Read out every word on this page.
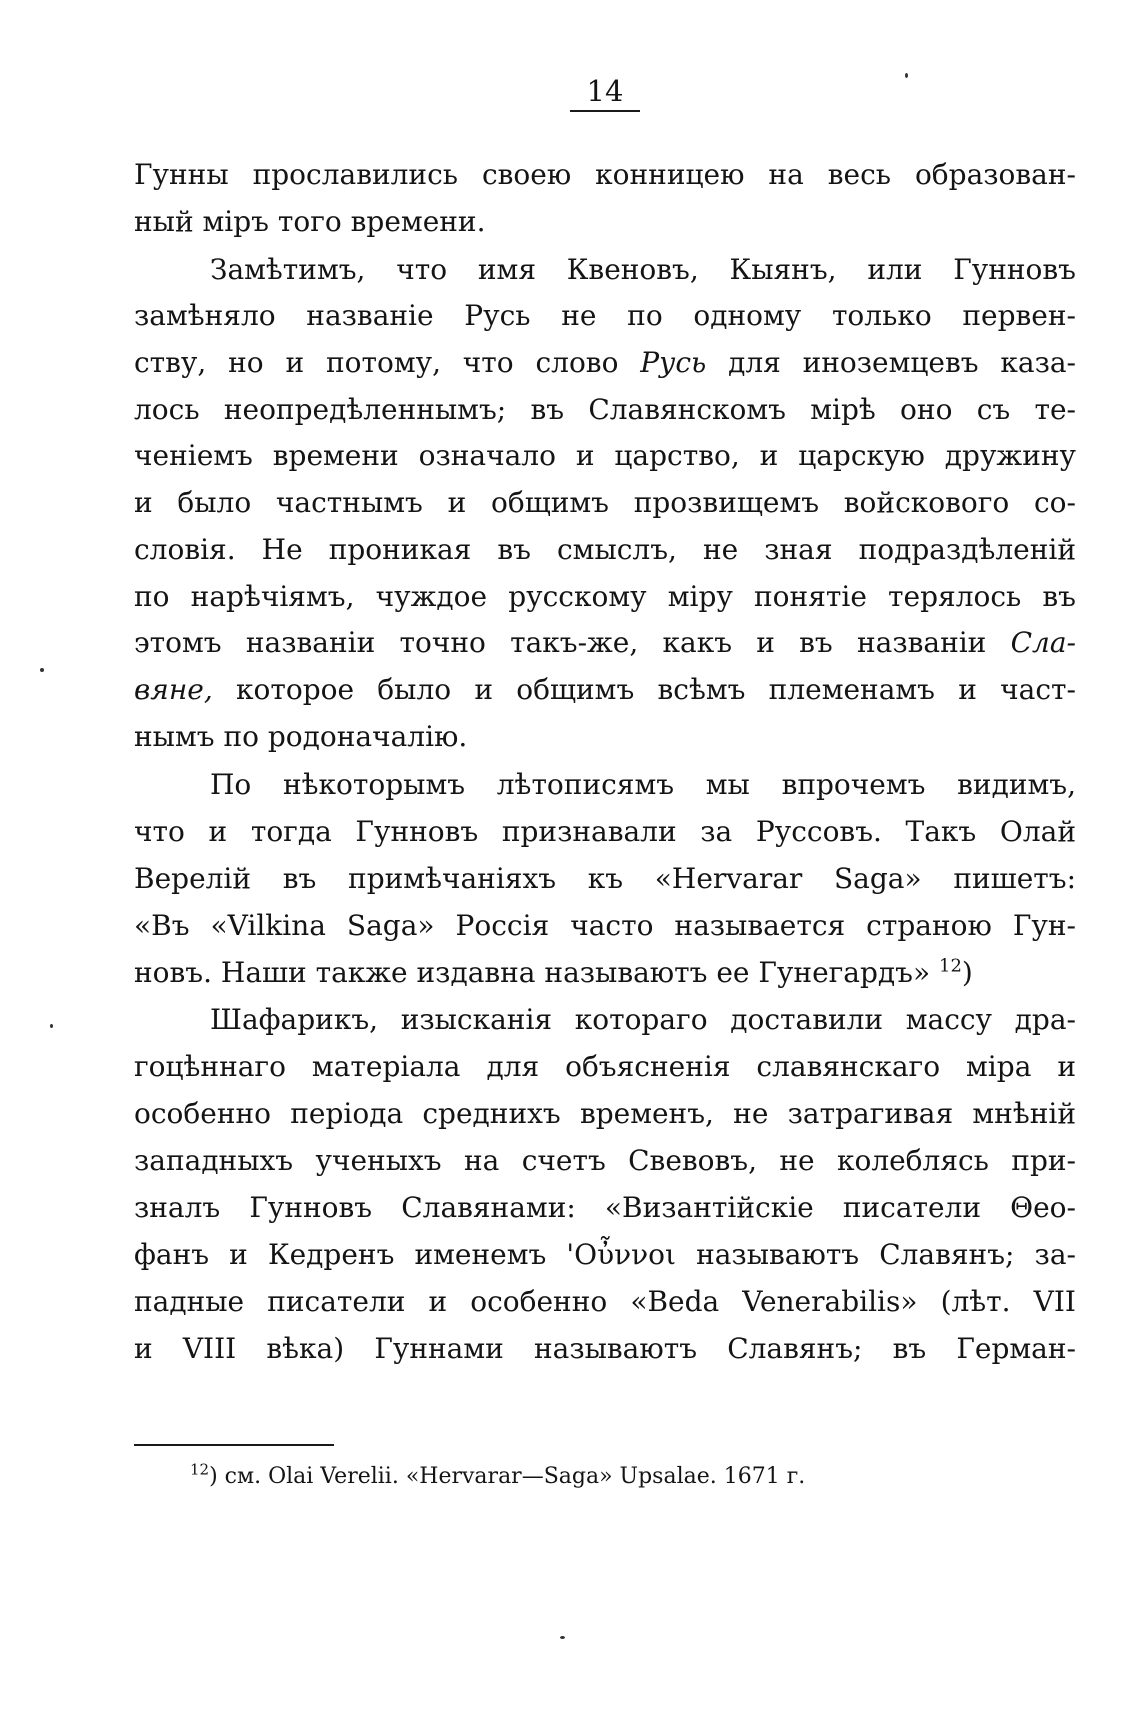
14
Гунны прославились своею конницею на весь образован-
ный міръ того времени.
Замѣтимъ, что имя Квеновъ, Кыянъ, или Гунновъ
замѣняло названіе Русь не по одному только первен-
ству, но и потому, что слово Русь для иноземцевъ каза-
лось неопредѣленнымъ; въ Славянскомъ мірѣ оно съ те-
ченіемъ времени означало и царство, и царскую дружину
и было частнымъ и общимъ прозвищемъ войскового со-
словія. Не проникая въ смыслъ, не зная подраздѣленій
по нарѣчіямъ, чуждое русскому міру понятіе терялось въ
этомъ названіи точно такъ-же, какъ и въ названіи Сла-
вяне, которое было и общимъ всѣмъ племенамъ и част-
нымъ по родоначалію.
По нѣкоторымъ лѣтописямъ мы впрочемъ видимъ,
что и тогда Гунновъ признавали за Руссовъ. Такъ Олай
Верелій въ примѣчаніяхъ къ «Hervarar Saga» пишетъ:
«Въ «Vilkina Saga» Россія часто называется страною Гун-
новъ. Наши также издавна называютъ ее Гунегардъ» $^{12}$)
Шафарикъ, изысканія котораго доставили массу дра-
гоцѣннаго матеріала для объясненія славянскаго міра и
особенно періода среднихъ временъ, не затрагивая мнѣній
западныхъ ученыхъ на счетъ Свевовъ, не колеблясь при-
зналъ Гунновъ Славянами: «Византійскіе писатели Θео-
фанъ и Кедренъ именемъ 'Οὖννοι называютъ Славянъ; за-
падные писатели и особенно «Beda Venerabilis» (лѣт. VII
и VIII вѣка) Гуннами называютъ Славянъ; въ Герман-
$^{12}$) см. Olai Verelii. «Hervarar—Saga» Upsalae. 1671 г.
